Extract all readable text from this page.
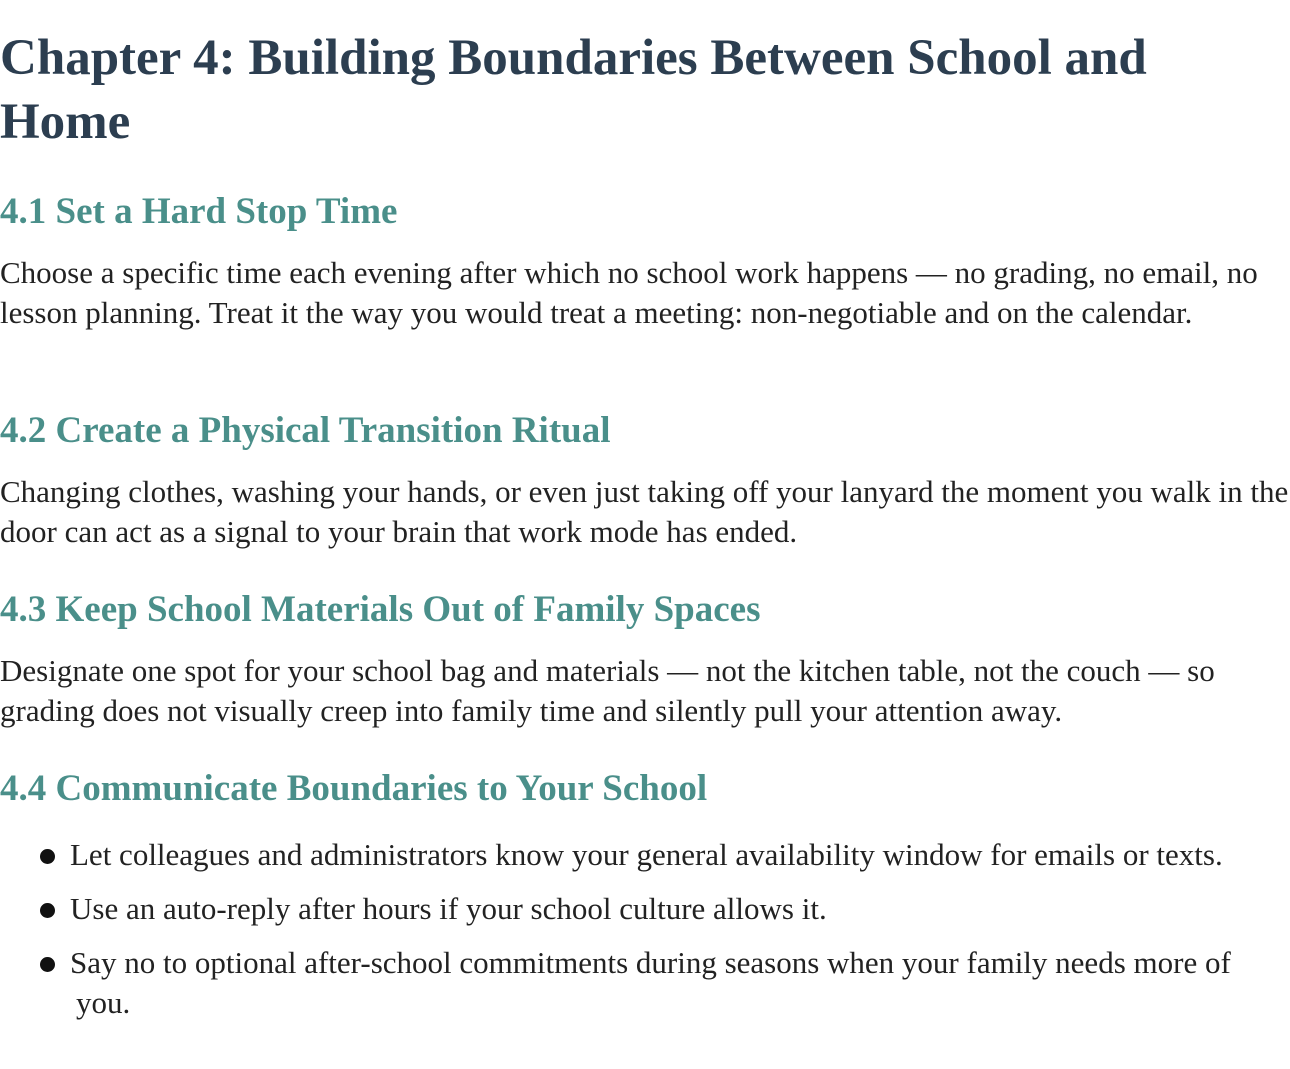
Chapter 4: Building Boundaries Between School and Home
4.1 Set a Hard Stop Time

Choose a specific time each evening after which no school work happens — no grading, no email, no lesson planning. Treat it the way you would treat a meeting: non-negotiable and on the calendar.

4.2 Create a Physical Transition Ritual

Changing clothes, washing your hands, or even just taking off your lanyard the moment you walk in the door can act as a signal to your brain that work mode has ended.

4.3 Keep School Materials Out of Family Spaces

Designate one spot for your school bag and materials — not the kitchen table, not the couch — so grading does not visually creep into family time and silently pull your attention away.

4.4 Communicate Boundaries to Your School
Let colleagues and administrators know your general availability window for emails or texts.
Use an auto-reply after hours if your school culture allows it.
Say no to optional after-school commitments during seasons when your family needs more of you.
